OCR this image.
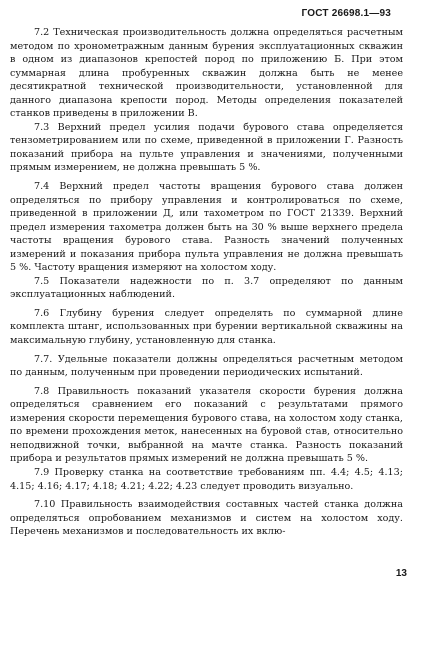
ГОСТ 26698.1—93

7.2 Техническая производительность должна определяться расчетным методом по хронометражным данным бурения эксплуатационных скважин в одном из диапазонов крепостей пород по приложению Б. При этом суммарная длина пробуренных скважин должна быть не менее десятикратной технической производительности, установленной для данного диапазона крепости пород. Методы определения показателей станков приведены в приложении В.

7.3 Верхний предел усилия подачи бурового става определяется тензометрированием или по схеме, приведенной в приложении Г. Разность показаний прибора на пульте управления и значениями, полученными прямым измерением, не должна превышать 5 %.

7.4 Верхний предел частоты вращения бурового става должен определяться по прибору управления и контролироваться по схеме, приведенной в приложении Д, или тахометром по ГОСТ 21339. Верхний предел измерения тахометра должен быть на 30 % выше верхнего предела частоты вращения бурового става. Разность значений полученных измерений и показания прибора пульта управления не должна превышать 5 %. Частоту вращения измеряют на холостом ходу.

7.5 Показатели надежности по п. 3.7 определяют по данным эксплуатационных наблюдений.

7.6 Глубину бурения следует определять по суммарной длине комплекта штанг, использованных при бурении вертикальной скважины на максимальную глубину, установленную для станка.

7.7. Удельные показатели должны определяться расчетным методом по данным, полученным при проведении периодических испытаний.

7.8 Правильность показаний указателя скорости бурения должна определяться сравнением его показаний с результатами прямого измерения скорости перемещения бурового става, на холостом ходу станка, по времени прохождения меток, нанесенных на буровой став, относительно неподвижной точки, выбранной на мачте станка. Разность показаний прибора и результатов прямых измерений не должна превышать 5 %.

7.9 Проверку станка на соответствие требованиям пп. 4.4; 4.5; 4.13; 4.15; 4.16; 4.17; 4.18; 4.21; 4.22; 4.23 следует проводить визуально.

7.10 Правильность взаимодействия составных частей станка должна определяться опробованием механизмов и систем на холостом ходу. Перечень механизмов и последовательность их вклю-

13
